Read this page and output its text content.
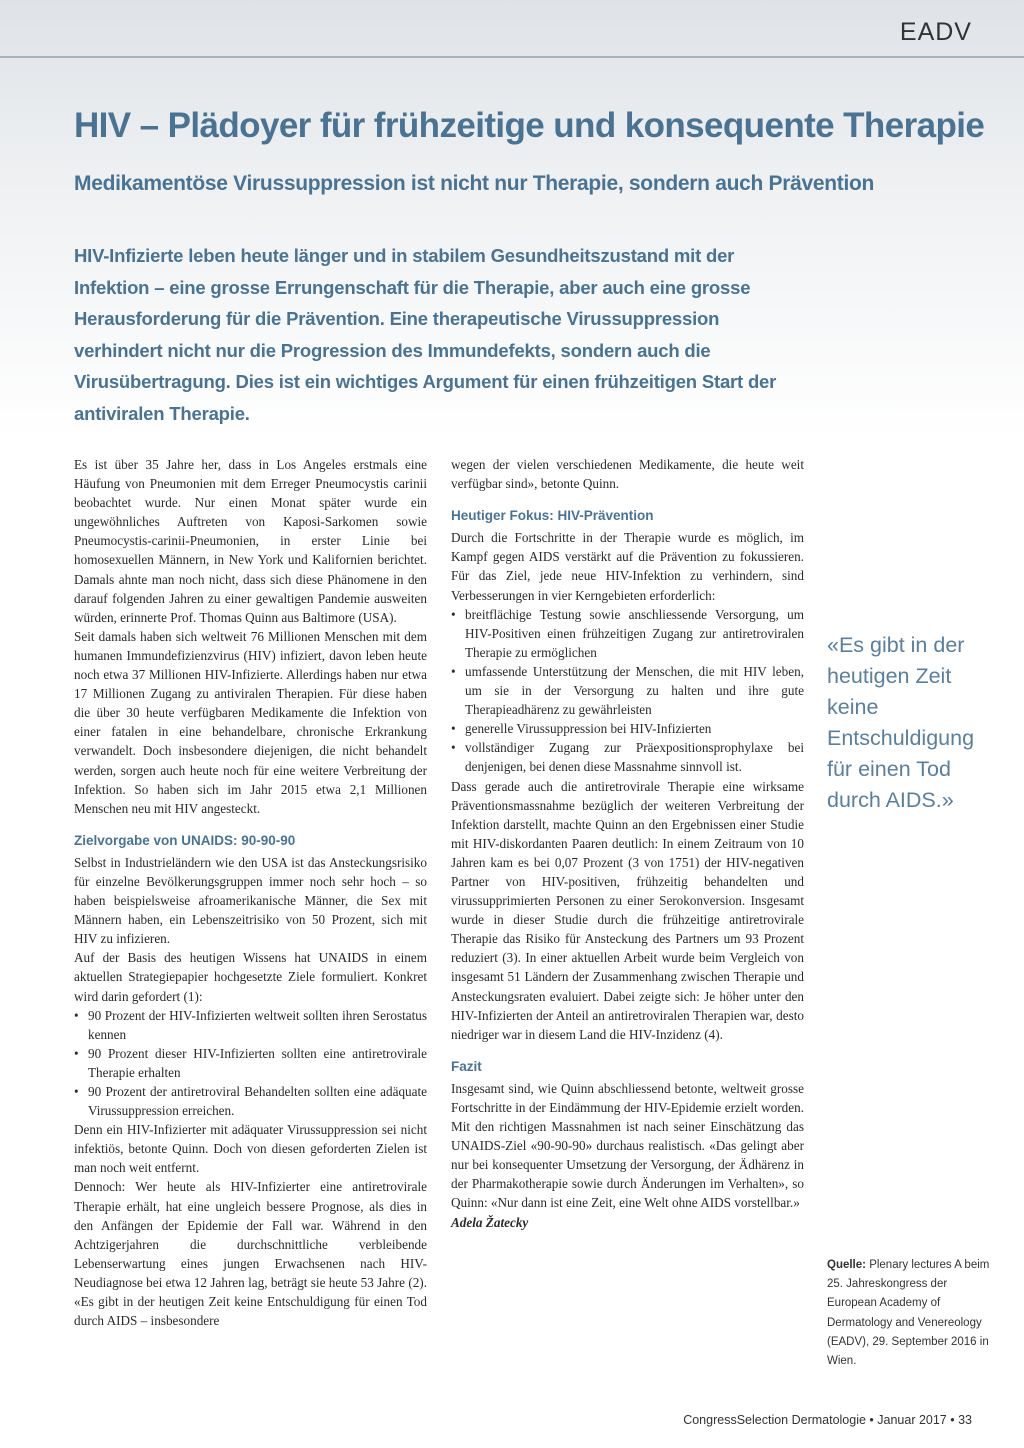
EADV
HIV – Plädoyer für frühzeitige und konsequente Therapie
Medikamentöse Virussuppression ist nicht nur Therapie, sondern auch Prävention

HIV-Infizierte leben heute länger und in stabilem Gesundheitszustand mit der Infektion – eine grosse Errungenschaft für die Therapie, aber auch eine grosse Herausforderung für die Prävention. Eine therapeutische Virussuppression verhindert nicht nur die Progression des Immundefekts, sondern auch die Virusübertragung. Dies ist ein wichtiges Argument für einen frühzeitigen Start der antiviralen Therapie.

Es ist über 35 Jahre her, dass in Los Angeles erstmals eine Häufung von Pneumonien mit dem Erreger Pneumocystis carinii beobachtet wurde. Nur einen Monat später wurde ein ungewöhnliches Auftreten von Kaposi-Sarkomen sowie Pneumocystis-carinii-Pneumonien, in erster Linie bei homosexuellen Männern, in New York und Kalifornien berichtet. Damals ahnte man noch nicht, dass sich diese Phänomene in den darauf folgenden Jahren zu einer gewaltigen Pandemie ausweiten würden, erinnerte Prof. Thomas Quinn aus Baltimore (USA).

Seit damals haben sich weltweit 76 Millionen Menschen mit dem humanen Immundefizienzvirus (HIV) infiziert, davon leben heute noch etwa 37 Millionen HIV-Infizierte. Allerdings haben nur etwa 17 Millionen Zugang zu antiviralen Therapien. Für diese haben die über 30 heute verfügbaren Medikamente die Infektion von einer fatalen in eine behandelbare, chronische Erkrankung verwandelt. Doch insbesondere diejenigen, die nicht behandelt werden, sorgen auch heute noch für eine weitere Verbreitung der Infektion. So haben sich im Jahr 2015 etwa 2,1 Millionen Menschen neu mit HIV angesteckt.

Zielvorgabe von UNAIDS: 90-90-90

Selbst in Industrieländern wie den USA ist das Ansteckungsrisiko für einzelne Bevölkerungsgruppen immer noch sehr hoch – so haben beispielsweise afroamerikanische Männer, die Sex mit Männern haben, ein Lebenszeitrisiko von 50 Prozent, sich mit HIV zu infizieren.

Auf der Basis des heutigen Wissens hat UNAIDS in einem aktuellen Strategiepapier hochgesetzte Ziele formuliert. Konkret wird darin gefordert (1):

• 90 Prozent der HIV-Infizierten weltweit sollten ihren Serostatus kennen
• 90 Prozent dieser HIV-Infizierten sollten eine antiretrovirale Therapie erhalten
• 90 Prozent der antiretroviral Behandelten sollten eine adäquate Virussuppression erreichen.

Denn ein HIV-Infizierter mit adäquater Virussuppression sei nicht infektiös, betonte Quinn. Doch von diesen geforderten Zielen ist man noch weit entfernt.

Dennoch: Wer heute als HIV-Infizierter eine antiretrovirale Therapie erhält, hat eine ungleich bessere Prognose, als dies in den Anfängen der Epidemie der Fall war. Während in den Achtzigerjahren die durchschnittliche verbleibende Lebenserwartung eines jungen Erwachsenen nach HIV-Neudiagnose bei etwa 12 Jahren lag, beträgt sie heute 53 Jahre (2). «Es gibt in der heutigen Zeit keine Entschuldigung für einen Tod durch AIDS – insbesondere

wegen der vielen verschiedenen Medikamente, die heute weit verfügbar sind», betonte Quinn.

Heutiger Fokus: HIV-Prävention

Durch die Fortschritte in der Therapie wurde es möglich, im Kampf gegen AIDS verstärkt auf die Prävention zu fokussieren. Für das Ziel, jede neue HIV-Infektion zu verhindern, sind Verbesserungen in vier Kerngebieten erforderlich:

• breitflächige Testung sowie anschliessende Versorgung, um HIV-Positiven einen frühzeitigen Zugang zur antiretroviralen Therapie zu ermöglichen
• umfassende Unterstützung der Menschen, die mit HIV leben, um sie in der Versorgung zu halten und ihre gute Therapieadhärenz zu gewährleisten
• generelle Virussuppression bei HIV-Infizierten
• vollständiger Zugang zur Präexpositionsprophylaxe bei denjenigen, bei denen diese Massnahme sinnvoll ist.

Dass gerade auch die antiretrovirale Therapie eine wirksame Präventionsmassnahme bezüglich der weiteren Verbreitung der Infektion darstellt, machte Quinn an den Ergebnissen einer Studie mit HIV-diskordanten Paaren deutlich: In einem Zeitraum von 10 Jahren kam es bei 0,07 Prozent (3 von 1751) der HIV-negativen Partner von HIV-positiven, frühzeitig behandelten und virussupprimierten Personen zu einer Serokonversion. Insgesamt wurde in dieser Studie durch die frühzeitige antiretrovirale Therapie das Risiko für Ansteckung des Partners um 93 Prozent reduziert (3). In einer aktuellen Arbeit wurde beim Vergleich von insgesamt 51 Ländern der Zusammenhang zwischen Therapie und Ansteckungsraten evaluiert. Dabei zeigte sich: Je höher unter den HIV-Infizierten der Anteil an antiretroviralen Therapien war, desto niedriger war in diesem Land die HIV-Inzidenz (4).

Fazit

Insgesamt sind, wie Quinn abschliessend betonte, weltweit grosse Fortschritte in der Eindämmung der HIV-Epidemie erzielt worden. Mit den richtigen Massnahmen ist nach seiner Einschätzung das UNAIDS-Ziel «90-90-90» durchaus realistisch. «Das gelingt aber nur bei konsequenter Umsetzung der Versorgung, der Ädhärenz in der Pharmakotherapie sowie durch Änderungen im Verhalten», so Quinn: «Nur dann ist eine Zeit, eine Welt ohne AIDS vorstellbar.»

Adela Žatecky

«Es gibt in der heutigen Zeit keine Entschuldigung für einen Tod durch AIDS.»

Quelle: Plenary lectures A beim 25. Jahreskongress der European Academy of Dermatology and Venereology (EADV), 29. September 2016 in Wien.

CongressSelection Dermatologie • Januar 2017 • 33
